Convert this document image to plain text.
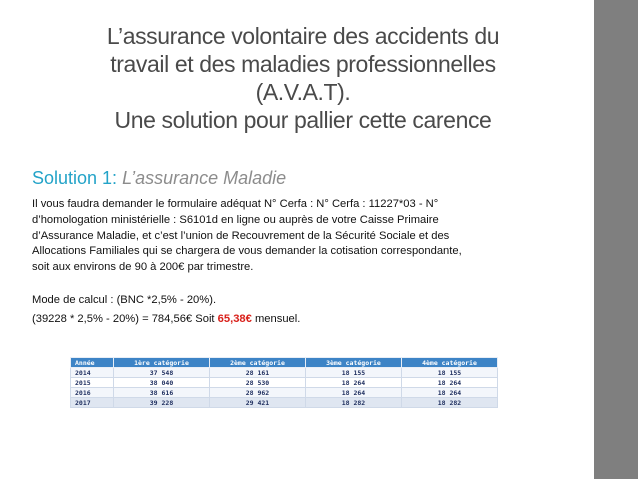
L’assurance volontaire des accidents du
travail et des maladies professionnelles
(A.V.A.T).
Une solution pour pallier cette carence
Solution 1: L’assurance Maladie
Il vous faudra demander le formulaire adéquat N° Cerfa : N° Cerfa : 11227*03 - N°
d’homologation ministérielle : S6101d en ligne ou auprès de votre Caisse Primaire
d’Assurance Maladie, et c’est l’union de Recouvrement de la Sécurité Sociale et des
Allocations Familiales qui se chargera de vous demander la cotisation correspondante,
soit aux environs de 90 à 200€ par trimestre.
Mode de calcul : (BNC *2,5% - 20%).
(39228 * 2,5% - 20%) = 784,56€ Soit 65,38€ mensuel.
Année	1ère catégorie	2ème catégorie	3ème catégorie	4ème catégorie
2014	37 548	28 161	18 155	18 155
2015	38 040	28 530	18 264	18 264
2016	38 616	28 962	18 264	18 264
2017	39 228	29 421	18 282	18 282
